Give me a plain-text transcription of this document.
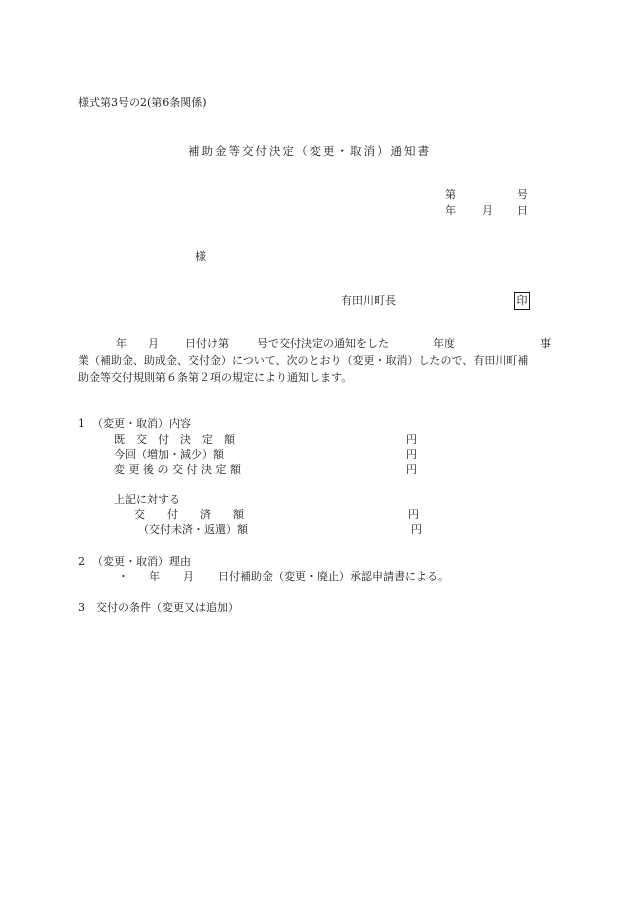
様式第3号の2(第6条関係)
補助金等交付決定（変更・取消）通知書
第	号
年 月 日
様
有田川町長	印
年 月 日付け第	号で交付決定の通知をした	年度	事
業（補助金、助成金、交付金）について、次のとおり（変更・取消）したので、有田川町補
助金等交付規則第６条第２項の規定により通知します。
1 （変更・取消）内容
既　交　付　決　定　額	円
今回（増加・減少）額	円
変 更 後 の 交 付 決 定 額	円
上記に対する
交　　付　　済　　額	円
（交付未済・返還）額	円
2 （変更・取消）理由
・ 年 月 日付補助金（変更・廃止）承認申請書による。
3 交付の条件（変更又は追加）
